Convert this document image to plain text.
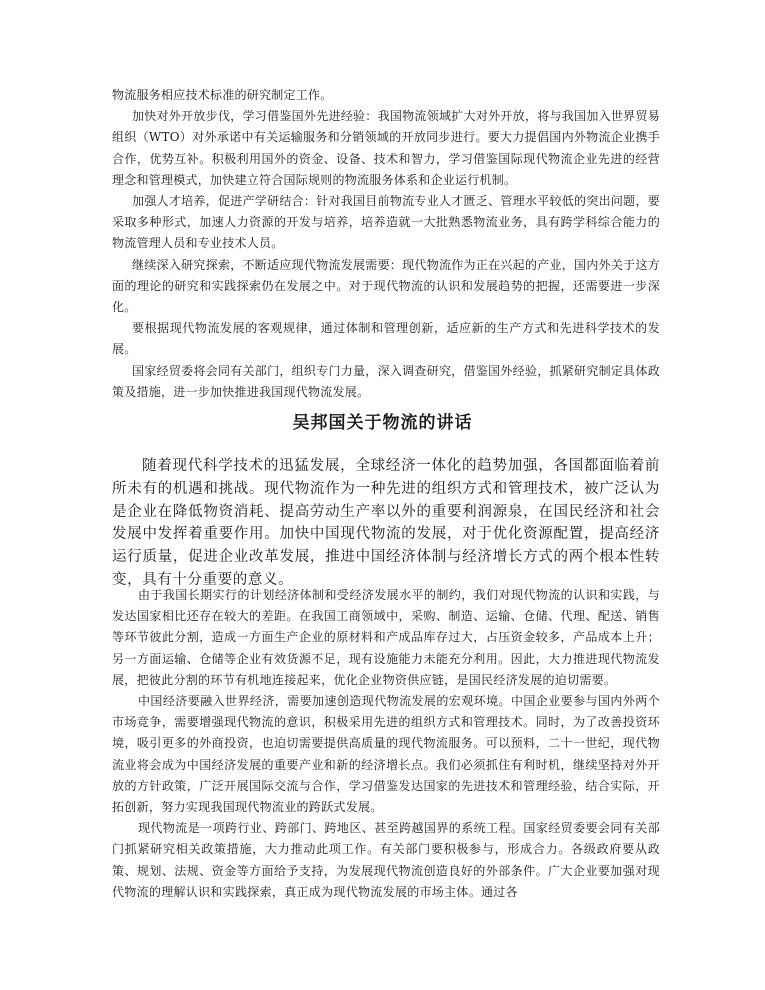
物流服务相应技术标准的研究制定工作。

加快对外开放步伐，学习借鉴国外先进经验：我国物流领域扩大对外开放，将与我国加入世界贸易组织（WTO）对外承诺中有关运输服务和分销领域的开放同步进行。要大力提倡国内外物流企业携手合作，优势互补。积极利用国外的资金、设备、技术和智力，学习借鉴国际现代物流企业先进的经营理念和管理模式，加快建立符合国际规则的物流服务体系和企业运行机制。

加强人才培养，促进产学研结合：针对我国目前物流专业人才匮乏、管理水平较低的突出问题，要采取多种形式，加速人力资源的开发与培养，培养造就一大批熟悉物流业务，具有跨学科综合能力的物流管理人员和专业技术人员。

继续深入研究探索，不断适应现代物流发展需要：现代物流作为正在兴起的产业，国内外关于这方面的理论的研究和实践探索仍在发展之中。对于现代物流的认识和发展趋势的把握，还需要进一步深化。

要根据现代物流发展的客观规律，通过体制和管理创新，适应新的生产方式和先进科学技术的发展。

国家经贸委将会同有关部门，组织专门力量，深入调查研究，借鉴国外经验，抓紧研究制定具体政策及措施，进一步加快推进我国现代物流发展。

吴邦国关于物流的讲话

随着现代科学技术的迅猛发展，全球经济一体化的趋势加强，各国都面临着前所未有的机遇和挑战。现代物流作为一种先进的组织方式和管理技术，被广泛认为是企业在降低物资消耗、提高劳动生产率以外的重要利润源泉，在国民经济和社会发展中发挥着重要作用。加快中国现代物流的发展，对于优化资源配置，提高经济运行质量，促进企业改革发展，推进中国经济体制与经济增长方式的两个根本性转变，具有十分重要的意义。

由于我国长期实行的计划经济体制和受经济发展水平的制约，我们对现代物流的认识和实践，与发达国家相比还存在较大的差距。在我国工商领域中，采购、制造、运输、仓储、代理、配送、销售等环节彼此分割，造成一方面生产企业的原材料和产成品库存过大，占压资金较多，产品成本上升；另一方面运输、仓储等企业有效货源不足，现有设施能力未能充分利用。因此，大力推进现代物流发展，把彼此分割的环节有机地连接起来，优化企业物资供应链，是国民经济发展的迫切需要。

中国经济要融入世界经济，需要加速创造现代物流发展的宏观环境。中国企业要参与国内外两个市场竞争，需要增强现代物流的意识，积极采用先进的组织方式和管理技术。同时，为了改善投资环境，吸引更多的外商投资，也迫切需要提供高质量的现代物流服务。可以预料，二十一世纪，现代物流业将会成为中国经济发展的重要产业和新的经济增长点。我们必须抓住有利时机，继续坚持对外开放的方针政策，广泛开展国际交流与合作，学习借鉴发达国家的先进技术和管理经验，结合实际，开拓创新，努力实现我国现代物流业的跨跃式发展。

现代物流是一项跨行业、跨部门、跨地区、甚至跨越国界的系统工程。国家经贸委要会同有关部门抓紧研究相关政策措施，大力推动此项工作。有关部门要积极参与，形成合力。各级政府要从政策、规划、法规、资金等方面给予支持，为发展现代物流创造良好的外部条件。广大企业要加强对现代物流的理解认识和实践探索，真正成为现代物流发展的市场主体。通过各
